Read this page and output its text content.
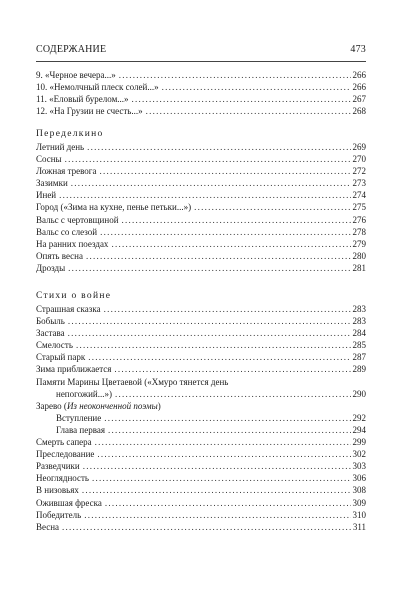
СОДЕРЖАНИЕ	473
9. «Черное вечера...» . . .	266
10. «Немолчный плеск солей...» . . .	266
11. «Еловый бурелом...» . . .	267
12. «На Грузии не счесть...» . . .	268
Переделкино
Летний день . . .	269
Сосны . . .	270
Ложная тревога . . .	272
Зазимки . . .	273
Иней . . .	274
Город («Зима на кухне, пенье петьки...») . . .	275
Вальс с чертовщиной . . .	276
Вальс со слезой . . .	278
На ранних поездах . . .	279
Опять весна . . .	280
Дрозды . . .	281
Стихи о войне
Страшная сказка . . .	283
Бобыль . . .	283
Застава . . .	284
Смелость . . .	285
Старый парк . . .	287
Зима приближается . . .	289
Памяти Марины Цветаевой («Хмуро тянется день
непогожий...») . . .	290
Зарево (Из неоконченной поэмы)
Вступление . . .	292
Глава первая . . .	294
Смерть сапера . . .	299
Преследование . . .	302
Разведчики . . .	303
Неоглядность . . .	306
В низовьях . . .	308
Ожившая фреска . . .	309
Победитель . . .	310
Весна . . .	311
